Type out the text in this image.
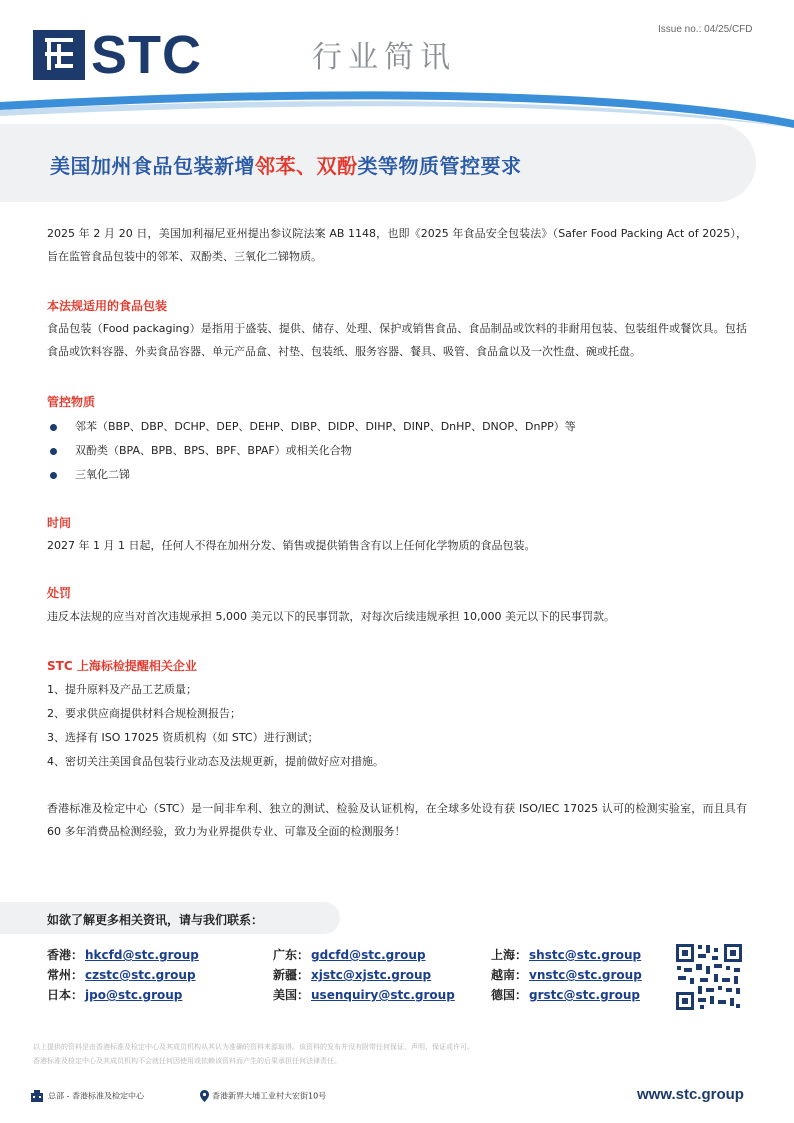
STC	行业简讯
Issue no.: 04/25/CFD
美国加州食品包装新增邻苯、双酚类等物质管控要求
2025 年 2 月 20 日，美国加利福尼亚州提出参议院法案 AB 1148，也即《2025 年食品安全包装法》（Safer Food Packing Act of 2025），旨在监管食品包装中的邻苯、双酚类、三氧化二锑物质。
本法规适用的食品包装
食品包装（Food packaging）是指用于盛装、提供、储存、处理、保护或销售食品、食品制品或饮料的非耐用包装、包装组件或餐饮具。包括食品或饮料容器、外卖食品容器、单元产品盒、衬垫、包装纸、服务容器、餐具、吸管、食品盒以及一次性盘、碗或托盘。
管控物质
邻苯（BBP、DBP、DCHP、DEP、DEHP、DIBP、DIDP、DIHP、DINP、DnHP、DNOP、DnPP）等
双酚类（BPA、BPB、BPS、BPF、BPAF）或相关化合物
三氧化二锑
时间
2027 年 1 月 1 日起，任何人不得在加州分发、销售或提供销售含有以上任何化学物质的食品包装。
处罚
违反本法规的应当对首次违规承担 5,000 美元以下的民事罚款，对每次后续违规承担 10,000 美元以下的民事罚款。
STC 上海标检提醒相关企业
1、提升原料及产品工艺质量；
2、要求供应商提供材料合规检测报告；
3、选择有 ISO 17025 资质机构（如 STC）进行测试；
4、密切关注美国食品包装行业动态及法规更新，提前做好应对措施。
香港标准及检定中心（STC）是一间非牟利、独立的测试、检验及认证机构，在全球多处设有获 ISO/IEC 17025 认可的检测实验室，而且具有 60 多年消费品检测经验，致力为业界提供专业、可靠及全面的检测服务！
如欲了解更多相关资讯，请与我们联系：
香港： hkcfd@stc.group	广东： gdcfd@stc.group	上海： shstc@stc.group
常州： czstc@stc.group	新疆： xjstc@xjstc.group	越南： vnstc@stc.group
日本： jpo@stc.group	美国： usenquiry@stc.group	德国： grstc@stc.group
以上提供的资料是由香港标准及检定中心及其成员机构从其认为准确的资料来源取得。该资料的发布并没有附带任何保证、声明、保证或许可。
香港标准及检定中心及其成员机构不会就任何因使用或依赖该资料而产生的后果承担任何法律责任。
总部 - 香港标准及检定中心	香港新界大埔工业村大宏街10号	www.stc.group
